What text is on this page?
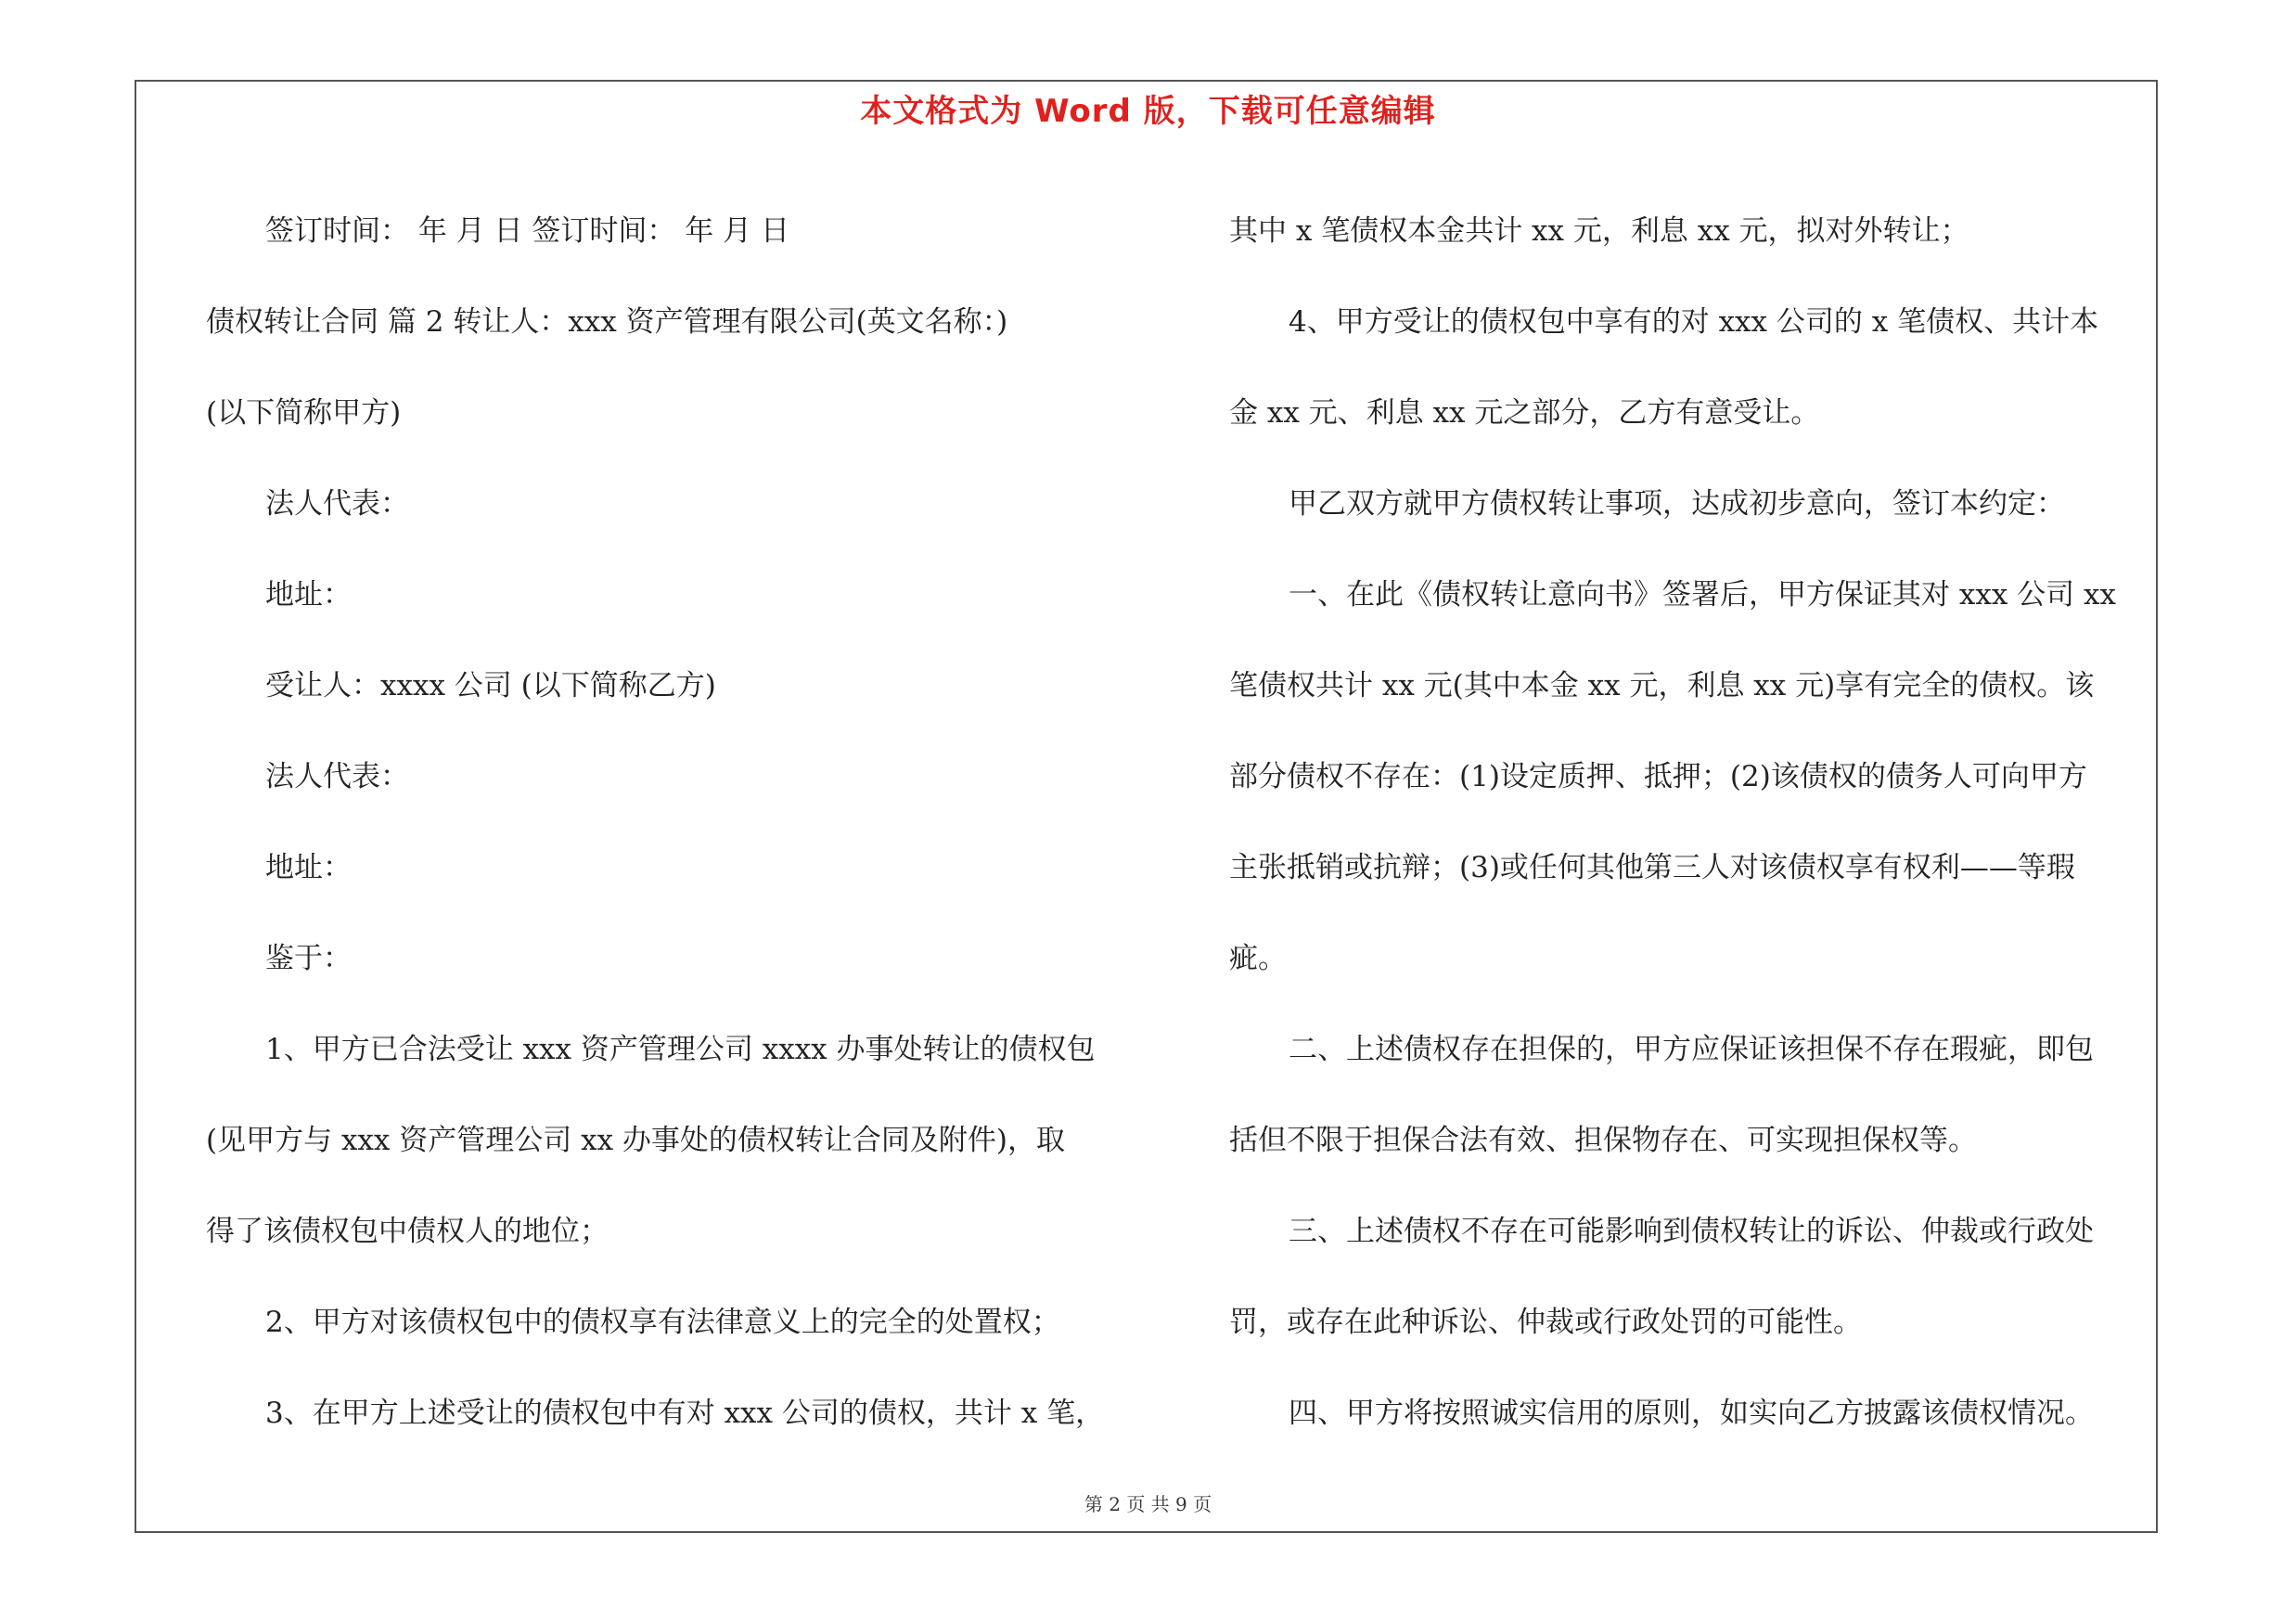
本文格式为 Word 版，下载可任意编辑
签订时间： 年 月 日 签订时间： 年 月 日
债权转让合同 篇 2 转让人：xxx 资产管理有限公司(英文名称：)
(以下简称甲方)
法人代表：
地址：
受让人：xxxx 公司 (以下简称乙方)
法人代表：
地址：
鉴于：
1、甲方已合法受让 xxx 资产管理公司 xxxx 办事处转让的债权包
(见甲方与 xxx 资产管理公司 xx 办事处的债权转让合同及附件)，取
得了该债权包中债权人的地位；
2、甲方对该债权包中的债权享有法律意义上的完全的处置权；
3、在甲方上述受让的债权包中有对 xxx 公司的债权，共计 x 笔，
其中 x 笔债权本金共计 xx 元，利息 xx 元，拟对外转让；
4、甲方受让的债权包中享有的对 xxx 公司的 x 笔债权、共计本
金 xx 元、利息 xx 元之部分，乙方有意受让。
甲乙双方就甲方债权转让事项，达成初步意向，签订本约定：
一、在此《债权转让意向书》签署后，甲方保证其对 xxx 公司 xx
笔债权共计 xx 元(其中本金 xx 元，利息 xx 元)享有完全的债权。该
部分债权不存在：(1)设定质押、抵押；(2)该债权的债务人可向甲方
主张抵销或抗辩；(3)或任何其他第三人对该债权享有权利——等瑕
疵。
二、上述债权存在担保的，甲方应保证该担保不存在瑕疵，即包
括但不限于担保合法有效、担保物存在、可实现担保权等。
三、上述债权不存在可能影响到债权转让的诉讼、仲裁或行政处
罚，或存在此种诉讼、仲裁或行政处罚的可能性。
四、甲方将按照诚实信用的原则，如实向乙方披露该债权情况。
第 2 页 共 9 页
